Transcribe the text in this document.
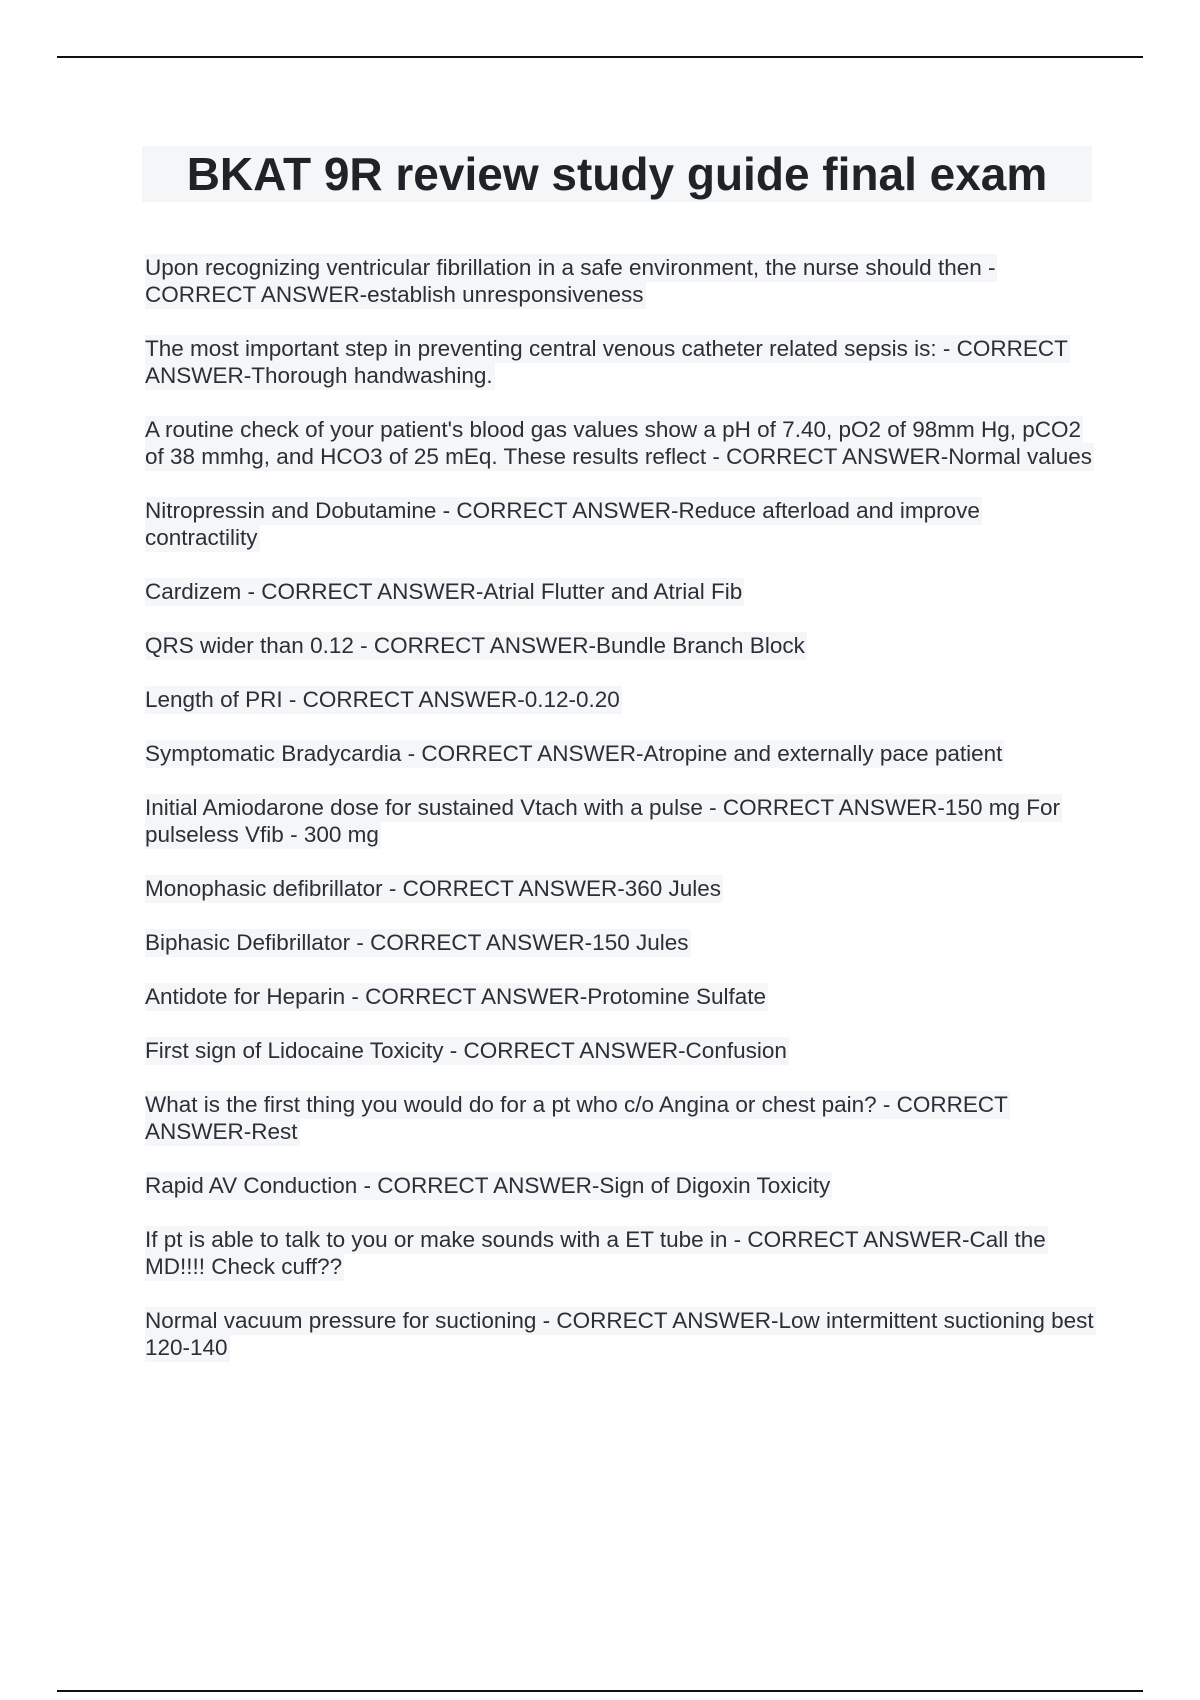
BKAT 9R review study guide final exam

Upon recognizing ventricular fibrillation in a safe environment, the nurse should then - CORRECT ANSWER-establish unresponsiveness

The most important step in preventing central venous catheter related sepsis is: - CORRECT ANSWER-Thorough handwashing.

A routine check of your patient's blood gas values show a pH of 7.40, pO2 of 98mm Hg, pCO2 of 38 mmhg, and HCO3 of 25 mEq. These results reflect - CORRECT ANSWER-Normal values

Nitropressin and Dobutamine - CORRECT ANSWER-Reduce afterload and improve contractility

Cardizem - CORRECT ANSWER-Atrial Flutter and Atrial Fib

QRS wider than 0.12 - CORRECT ANSWER-Bundle Branch Block

Length of PRI - CORRECT ANSWER-0.12-0.20

Symptomatic Bradycardia - CORRECT ANSWER-Atropine and externally pace patient

Initial Amiodarone dose for sustained Vtach with a pulse - CORRECT ANSWER-150 mg For pulseless Vfib - 300 mg

Monophasic defibrillator - CORRECT ANSWER-360 Jules

Biphasic Defibrillator - CORRECT ANSWER-150 Jules

Antidote for Heparin - CORRECT ANSWER-Protomine Sulfate

First sign of Lidocaine Toxicity - CORRECT ANSWER-Confusion

What is the first thing you would do for a pt who c/o Angina or chest pain? - CORRECT ANSWER-Rest

Rapid AV Conduction - CORRECT ANSWER-Sign of Digoxin Toxicity

If pt is able to talk to you or make sounds with a ET tube in - CORRECT ANSWER-Call the MD!!!! Check cuff??

Normal vacuum pressure for suctioning - CORRECT ANSWER-Low intermittent suctioning best 120-140
